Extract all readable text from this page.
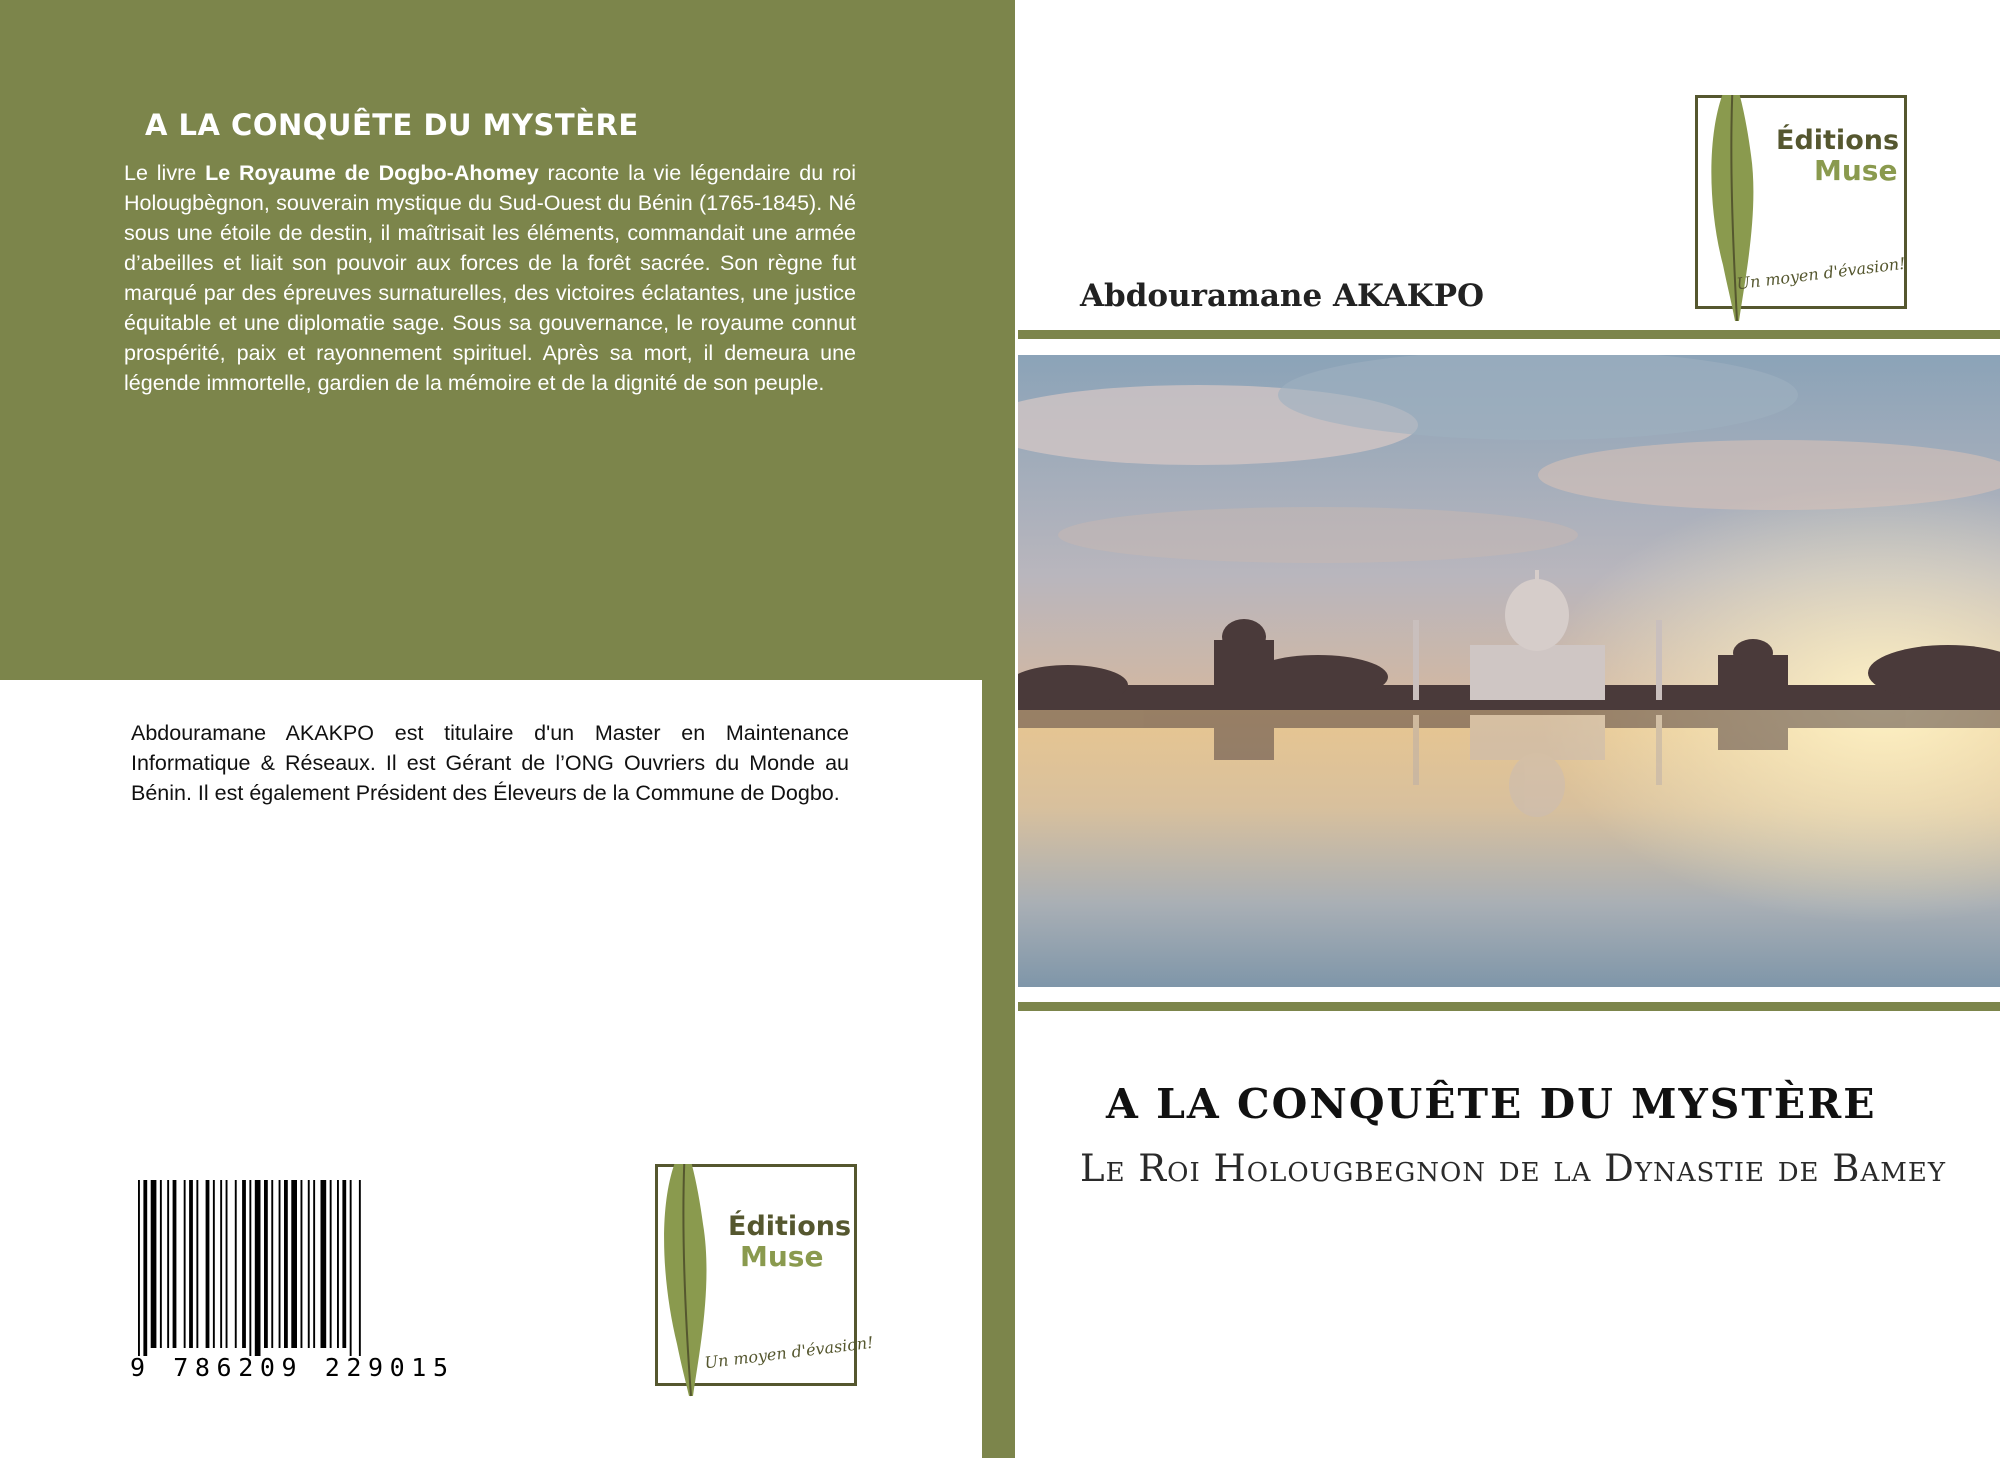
A LA CONQUÊTE DU MYSTÈRE
Le livre Le Royaume de Dogbo-Ahomey raconte la vie légendaire du roi Holougbègnon, souverain mystique du Sud-Ouest du Bénin (1765-1845). Né sous une étoile de destin, il maîtrisait les éléments, commandait une armée d’abeilles et liait son pouvoir aux forces de la forêt sacrée. Son règne fut marqué par des épreuves surnaturelles, des victoires éclatantes, une justice équitable et une diplomatie sage. Sous sa gouvernance, le royaume connut prospérité, paix et rayonnement spirituel. Après sa mort, il demeura une légende immortelle, gardien de la mémoire et de la dignité de son peuple.
Abdouramane AKAKPO est titulaire d'un Master en Maintenance Informatique & Réseaux. Il est Gérant de l’ONG Ouvriers du Monde au Bénin. Il est également Président des Éleveurs de la Commune de Dogbo.
9 786209 229015
Éditions
Muse
Un moyen d'évasion!
Éditions
Muse
Un moyen d'évasion!
Abdouramane AKAKPO
A LA CONQUÊTE DU MYSTÈRE
Le Roi Holougbegnon de la Dynastie de Bamey
